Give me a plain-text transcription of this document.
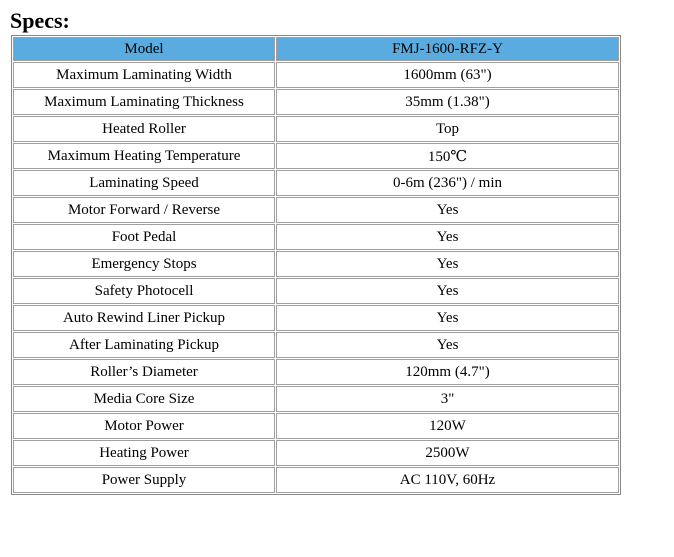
Specs:
Model	FMJ-1600-RFZ-Y
Maximum Laminating Width	1600mm (63")
Maximum Laminating Thickness	35mm (1.38")
Heated Roller	Top
Maximum Heating Temperature	150℃
Laminating Speed	0-6m (236") / min
Motor Forward / Reverse	Yes
Foot Pedal	Yes
Emergency Stops	Yes
Safety Photocell	Yes
Auto Rewind Liner Pickup	Yes
After Laminating Pickup	Yes
Roller’s Diameter	120mm (4.7")
Media Core Size	3"
Motor Power	120W
Heating Power	2500W
Power Supply	AC 110V, 60Hz
